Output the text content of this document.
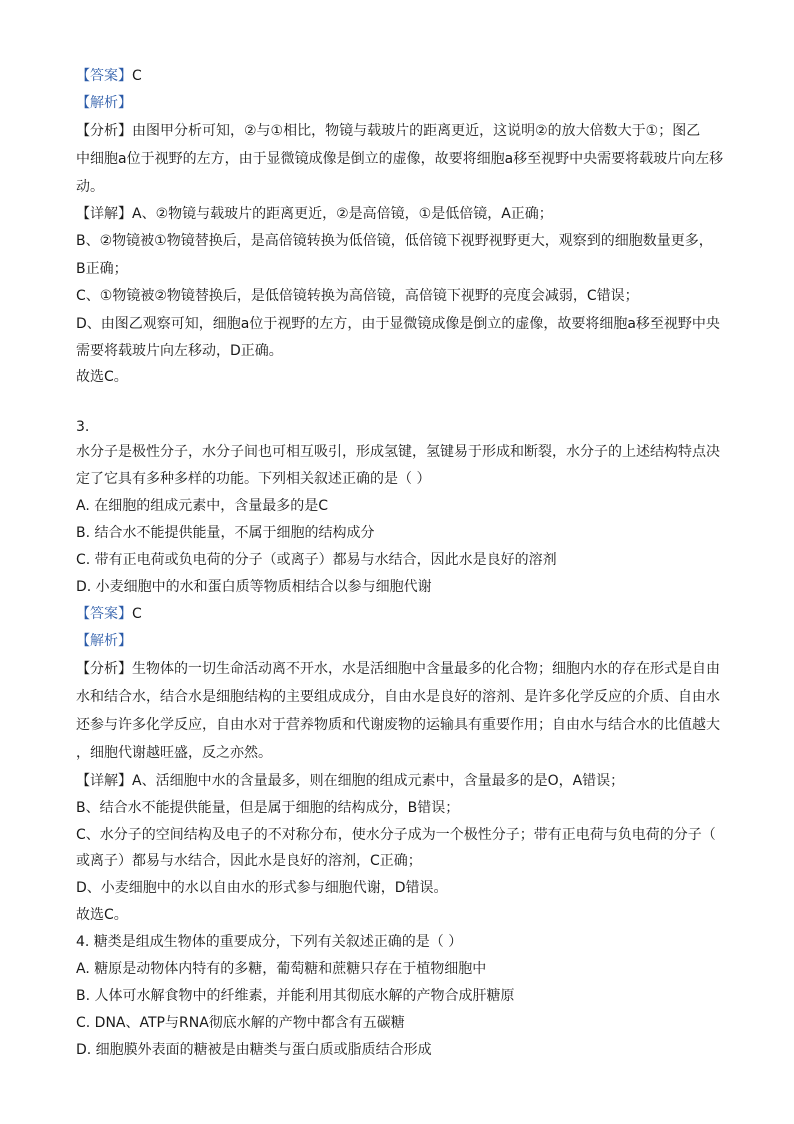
【答案】C
【解析】
【分析】由图甲分析可知，②与①相比，物镜与载玻片的距离更近，这说明②的放大倍数大于①；图乙
中细胞a位于视野的左方，由于显微镜成像是倒立的虚像，故要将细胞a移至视野中央需要将载玻片向左移
动。
【详解】A、②物镜与载玻片的距离更近，②是高倍镜，①是低倍镜，A正确；
B、②物镜被①物镜替换后，是高倍镜转换为低倍镜，低倍镜下视野视野更大，观察到的细胞数量更多，
B正确；
C、①物镜被②物镜替换后，是低倍镜转换为高倍镜，高倍镜下视野的亮度会减弱，C错误；
D、由图乙观察可知，细胞a位于视野的左方，由于显微镜成像是倒立的虚像，故要将细胞a移至视野中央
需要将载玻片向左移动，D正确。
故选C。
3.
水分子是极性分子，水分子间也可相互吸引，形成氢键，氢键易于形成和断裂，水分子的上述结构特点决
定了它具有多种多样的功能。下列相关叙述正确的是（ ）
A. 在细胞的组成元素中，含量最多的是C
B. 结合水不能提供能量，不属于细胞的结构成分
C. 带有正电荷或负电荷的分子（或离子）都易与水结合，因此水是良好的溶剂
D. 小麦细胞中的水和蛋白质等物质相结合以参与细胞代谢
【答案】C
【解析】
【分析】生物体的一切生命活动离不开水，水是活细胞中含量最多的化合物；细胞内水的存在形式是自由
水和结合水，结合水是细胞结构的主要组成成分，自由水是良好的溶剂、是许多化学反应的介质、自由水
还参与许多化学反应，自由水对于营养物质和代谢废物的运输具有重要作用；自由水与结合水的比值越大
，细胞代谢越旺盛，反之亦然。
【详解】A、活细胞中水的含量最多，则在细胞的组成元素中，含量最多的是O，A错误；
B、结合水不能提供能量，但是属于细胞的结构成分，B错误；
C、水分子的空间结构及电子的不对称分布，使水分子成为一个极性分子；带有正电荷与负电荷的分子（
或离子）都易与水结合，因此水是良好的溶剂，C正确；
D、小麦细胞中的水以自由水的形式参与细胞代谢，D错误。
故选C。
4. 糖类是组成生物体的重要成分，下列有关叙述正确的是（ ）
A. 糖原是动物体内特有的多糖，葡萄糖和蔗糖只存在于植物细胞中
B. 人体可水解食物中的纤维素，并能利用其彻底水解的产物合成肝糖原
C. DNA、ATP与RNA彻底水解的产物中都含有五碳糖
D. 细胞膜外表面的糖被是由糖类与蛋白质或脂质结合形成
